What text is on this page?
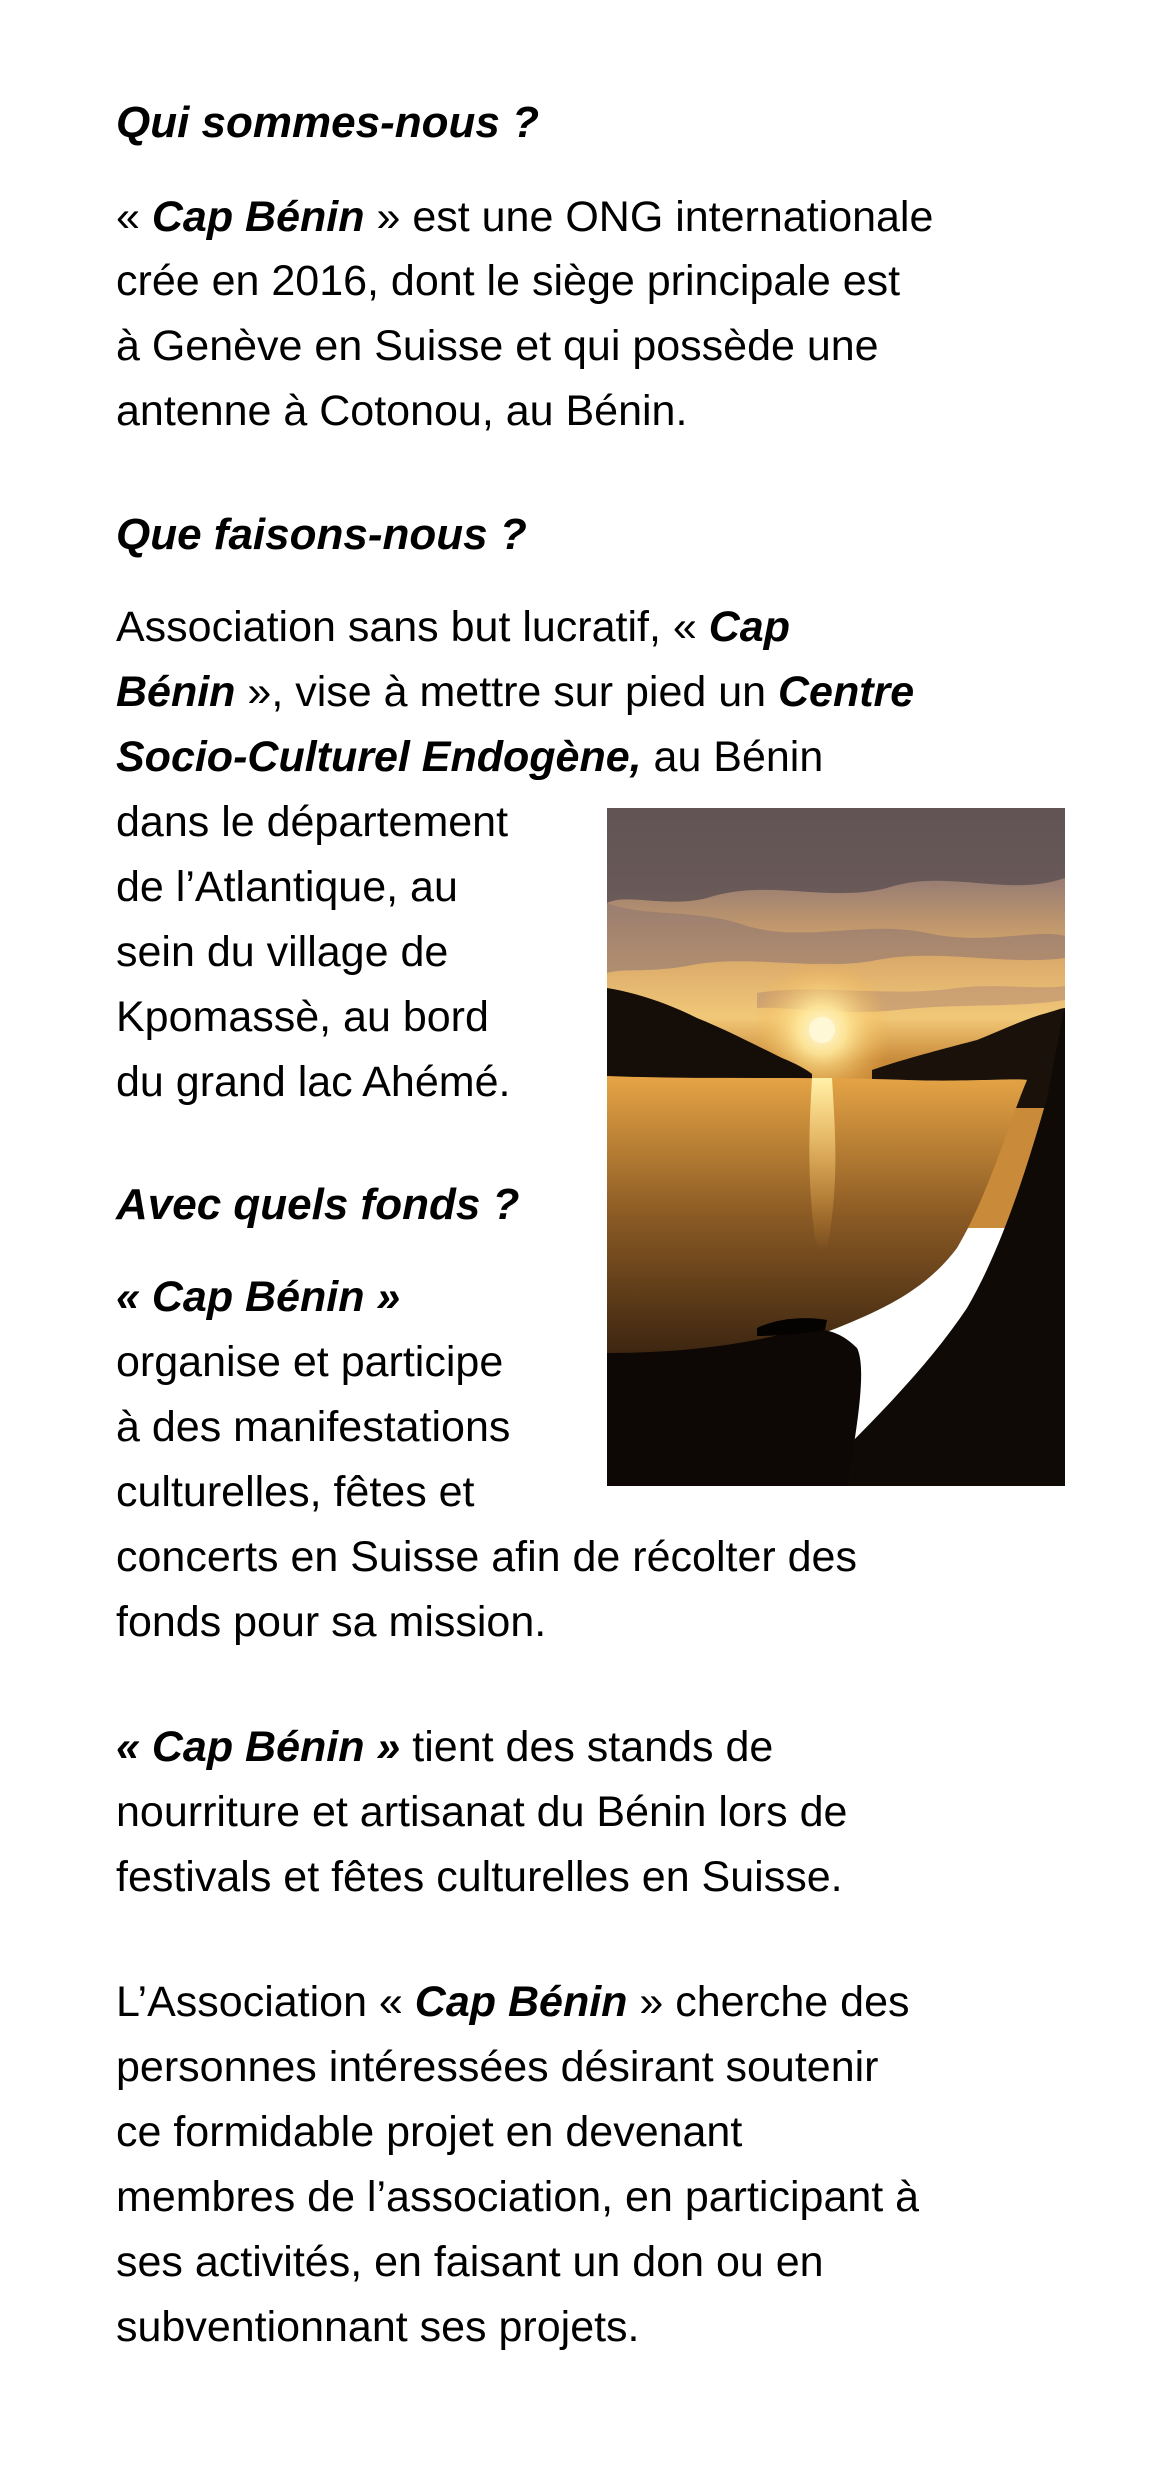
Qui sommes-nous ?

« Cap Bénin » est une ONG internationale

crée en 2016, dont le siège principale est

à Genève en Suisse et qui possède une

antenne à Cotonou, au Bénin.

Que faisons-nous ?

Association sans but lucratif, « Cap

Bénin », vise à mettre sur pied un Centre

Socio-Culturel Endogène, au Bénin

dans le département

de l’Atlantique, au

sein du village de

Kpomassè, au bord

du grand lac Ahémé.

Avec quels fonds ?

« Cap Bénin »

organise et participe

à des manifestations

culturelles, fêtes et

concerts en Suisse afin de récolter des

fonds pour sa mission.

« Cap Bénin » tient des stands de

nourriture et artisanat du Bénin lors de

festivals et fêtes culturelles en Suisse.

L’Association « Cap Bénin » cherche des

personnes intéressées désirant soutenir

ce formidable projet en devenant

membres de l’association, en participant à

ses activités, en faisant un don ou en

subventionnant ses projets.
